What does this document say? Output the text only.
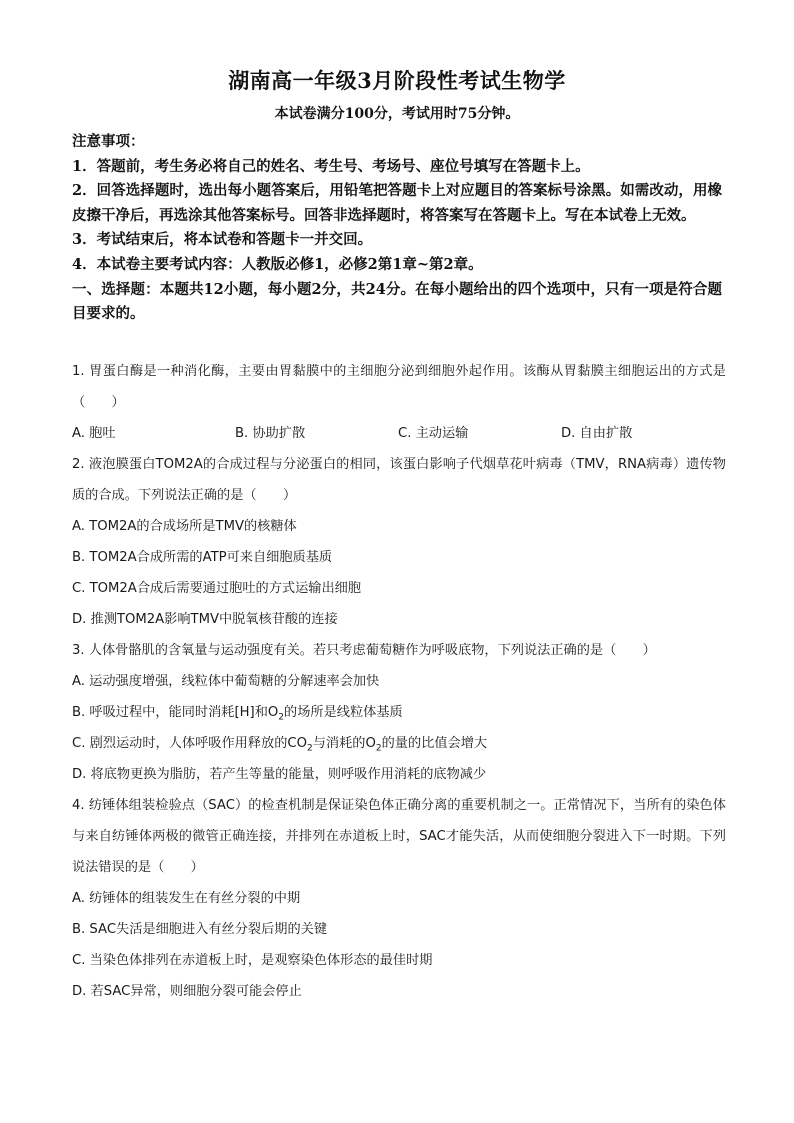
湖南高一年级3月阶段性考试生物学
本试卷满分100分，考试用时75分钟。
注意事项：
1．答题前，考生务必将自己的姓名、考生号、考场号、座位号填写在答题卡上。
2．回答选择题时，选出每小题答案后，用铅笔把答题卡上对应题目的答案标号涂黑。如需改动，用橡皮擦干净后，再选涂其他答案标号。回答非选择题时，将答案写在答题卡上。写在本试卷上无效。
3．考试结束后，将本试卷和答题卡一并交回。
4．本试卷主要考试内容：人教版必修1，必修2第1章~第2章。
一、选择题：本题共12小题，每小题2分，共24分。在每小题给出的四个选项中，只有一项是符合题目要求的。
1. 胃蛋白酶是一种消化酶，主要由胃黏膜中的主细胞分泌到细胞外起作用。该酶从胃黏膜主细胞运出的方式是（　　）
A. 胞吐	B. 协助扩散	C. 主动运输	D. 自由扩散
2. 液泡膜蛋白TOM2A的合成过程与分泌蛋白的相同，该蛋白影响子代烟草花叶病毒（TMV，RNA病毒）遗传物质的合成。下列说法正确的是（　　）
A. TOM2A的合成场所是TMV的核糖体
B. TOM2A合成所需的ATP可来自细胞质基质
C. TOM2A合成后需要通过胞吐的方式运输出细胞
D. 推测TOM2A影响TMV中脱氧核苷酸的连接
3. 人体骨骼肌的含氧量与运动强度有关。若只考虑葡萄糖作为呼吸底物，下列说法正确的是（　　）
A. 运动强度增强，线粒体中葡萄糖的分解速率会加快
B. 呼吸过程中，能同时消耗[H]和$O_2$的场所是线粒体基质
C. 剧烈运动时，人体呼吸作用释放的$CO_2$与消耗的$O_2$的量的比值会增大
D. 将底物更换为脂肪，若产生等量的能量，则呼吸作用消耗的底物减少
4. 纺锤体组装检验点（SAC）的检查机制是保证染色体正确分离的重要机制之一。正常情况下，当所有的染色体与来自纺锤体两极的微管正确连接，并排列在赤道板上时，SAC才能失活，从而使细胞分裂进入下一时期。下列说法错误的是（　　）
A. 纺锤体的组装发生在有丝分裂的中期
B. SAC失活是细胞进入有丝分裂后期的关键
C. 当染色体排列在赤道板上时，是观察染色体形态的最佳时期
D. 若SAC异常，则细胞分裂可能会停止
